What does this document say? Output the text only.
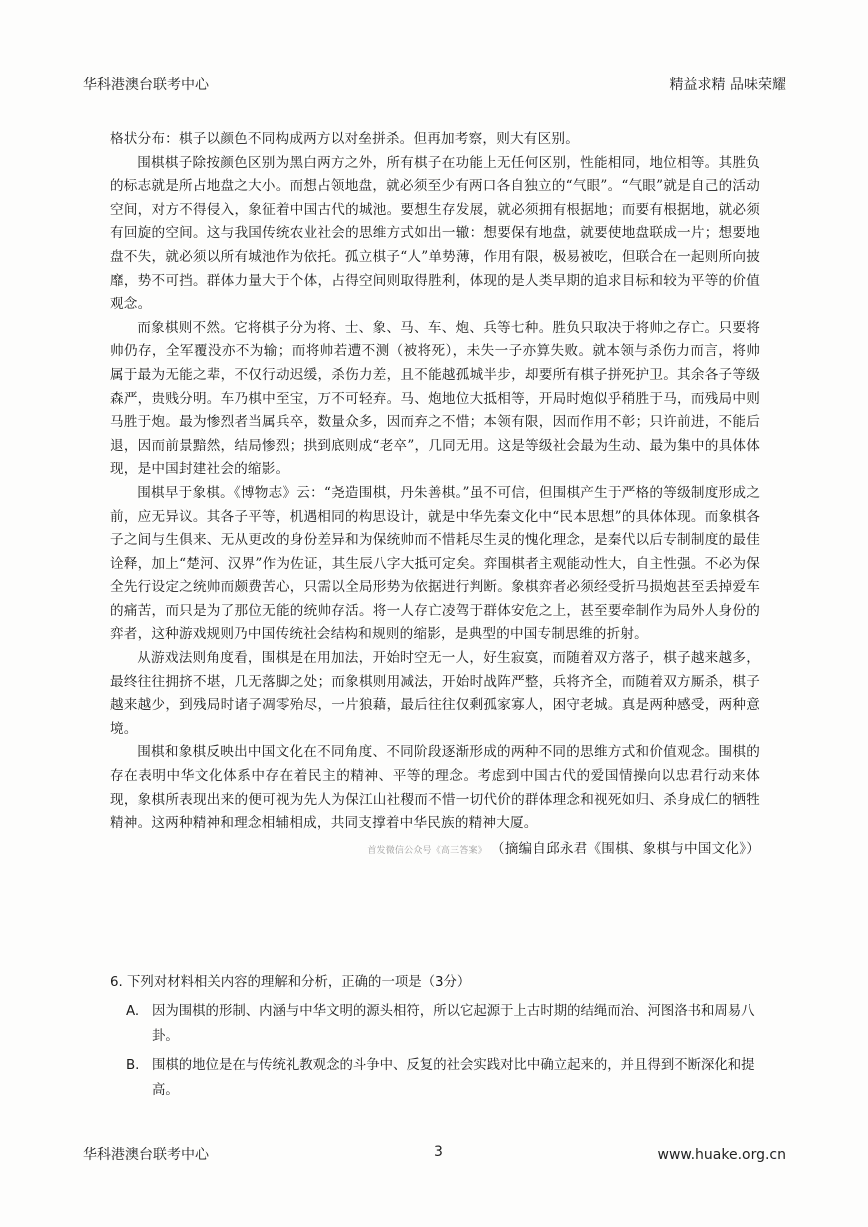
华科港澳台联考中心	精益求精 品味荣耀

格状分布：棋子以颜色不同构成两方以对垒拼杀。但再加考察，则大有区别。

围棋棋子除按颜色区别为黑白两方之外，所有棋子在功能上无任何区别，性能相同，地位相等。其胜负的标志就是所占地盘之大小。而想占领地盘，就必须至少有两口各自独立的“气眼”。“气眼”就是自己的活动空间，对方不得侵入，象征着中国古代的城池。要想生存发展，就必须拥有根据地；而要有根据地，就必须有回旋的空间。这与我国传统农业社会的思维方式如出一辙：想要保有地盘，就要使地盘联成一片；想要地盘不失，就必须以所有城池作为依托。孤立棋子“人”单势薄，作用有限，极易被吃，但联合在一起则所向披靡，势不可挡。群体力量大于个体，占得空间则取得胜利，体现的是人类早期的追求目标和较为平等的价值观念。

而象棋则不然。它将棋子分为将、士、象、马、车、炮、兵等七种。胜负只取决于将帅之存亡。只要将帅仍存，全军覆没亦不为输；而将帅若遭不测（被将死），未失一子亦算失败。就本领与杀伤力而言，将帅属于最为无能之辈，不仅行动迟缓，杀伤力差，且不能越孤城半步，却要所有棋子拼死护卫。其余各子等级森严，贵贱分明。车乃棋中至宝，万不可轻弃。马、炮地位大抵相等，开局时炮似乎稍胜于马，而残局中则马胜于炮。最为惨烈者当属兵卒，数量众多，因而弃之不惜；本领有限，因而作用不彰；只许前进，不能后退，因而前景黯然，结局惨烈；拱到底则成“老卒”，几同无用。这是等级社会最为生动、最为集中的具体体现，是中国封建社会的缩影。

围棋早于象棋。《博物志》云：“尧造围棋，丹朱善棋。”虽不可信，但围棋产生于严格的等级制度形成之前，应无异议。其各子平等，机遇相同的构思设计，就是中华先秦文化中“民本思想”的具体体现。而象棋各子之间与生俱来、无从更改的身份差异和为保统帅而不惜耗尽生灵的愧化理念，是秦代以后专制制度的最佳诠释，加上“楚河、汉界”作为佐证，其生辰八字大抵可定矣。弈围棋者主观能动性大，自主性强。不必为保全先行设定之统帅而颇费苦心，只需以全局形势为依据进行判断。象棋弈者必须经受折马损炮甚至丢掉爱车的痛苦，而只是为了那位无能的统帅存活。将一人存亡凌驾于群体安危之上，甚至要牵制作为局外人身份的弈者，这种游戏规则乃中国传统社会结构和规则的缩影，是典型的中国专制思维的折射。

从游戏法则角度看，围棋是在用加法，开始时空无一人，好生寂寞，而随着双方落子，棋子越来越多，最终往往拥挤不堪，几无落脚之处；而象棋则用减法，开始时战阵严整，兵将齐全，而随着双方厮杀，棋子越来越少，到残局时诸子凋零殆尽，一片狼藉，最后往往仅剩孤家寡人，困守老城。真是两种感受，两种意境。

围棋和象棋反映出中国文化在不同角度、不同阶段逐渐形成的两种不同的思维方式和价值观念。围棋的存在表明中华文化体系中存在着民主的精神、平等的理念。考虑到中国古代的爱国情操向以忠君行动来体现，象棋所表现出来的便可视为先人为保江山社稷而不惜一切代价的群体理念和视死如归、杀身成仁的牺牲精神。这两种精神和理念相辅相成，共同支撑着中华民族的精神大厦。

首发微信公众号《高三答案》 （摘编自邱永君《围棋、象棋与中国文化》）

6. 下列对材料相关内容的理解和分析，正确的一项是（3分）

A. 因为围棋的形制、内涵与中华文明的源头相符，所以它起源于上古时期的结绳而治、河图洛书和周易八卦。
B. 围棋的地位是在与传统礼教观念的斗争中、反复的社会实践对比中确立起来的，并且得到不断深化和提高。
华科港澳台联考中心	3	www.huake.org.cn
